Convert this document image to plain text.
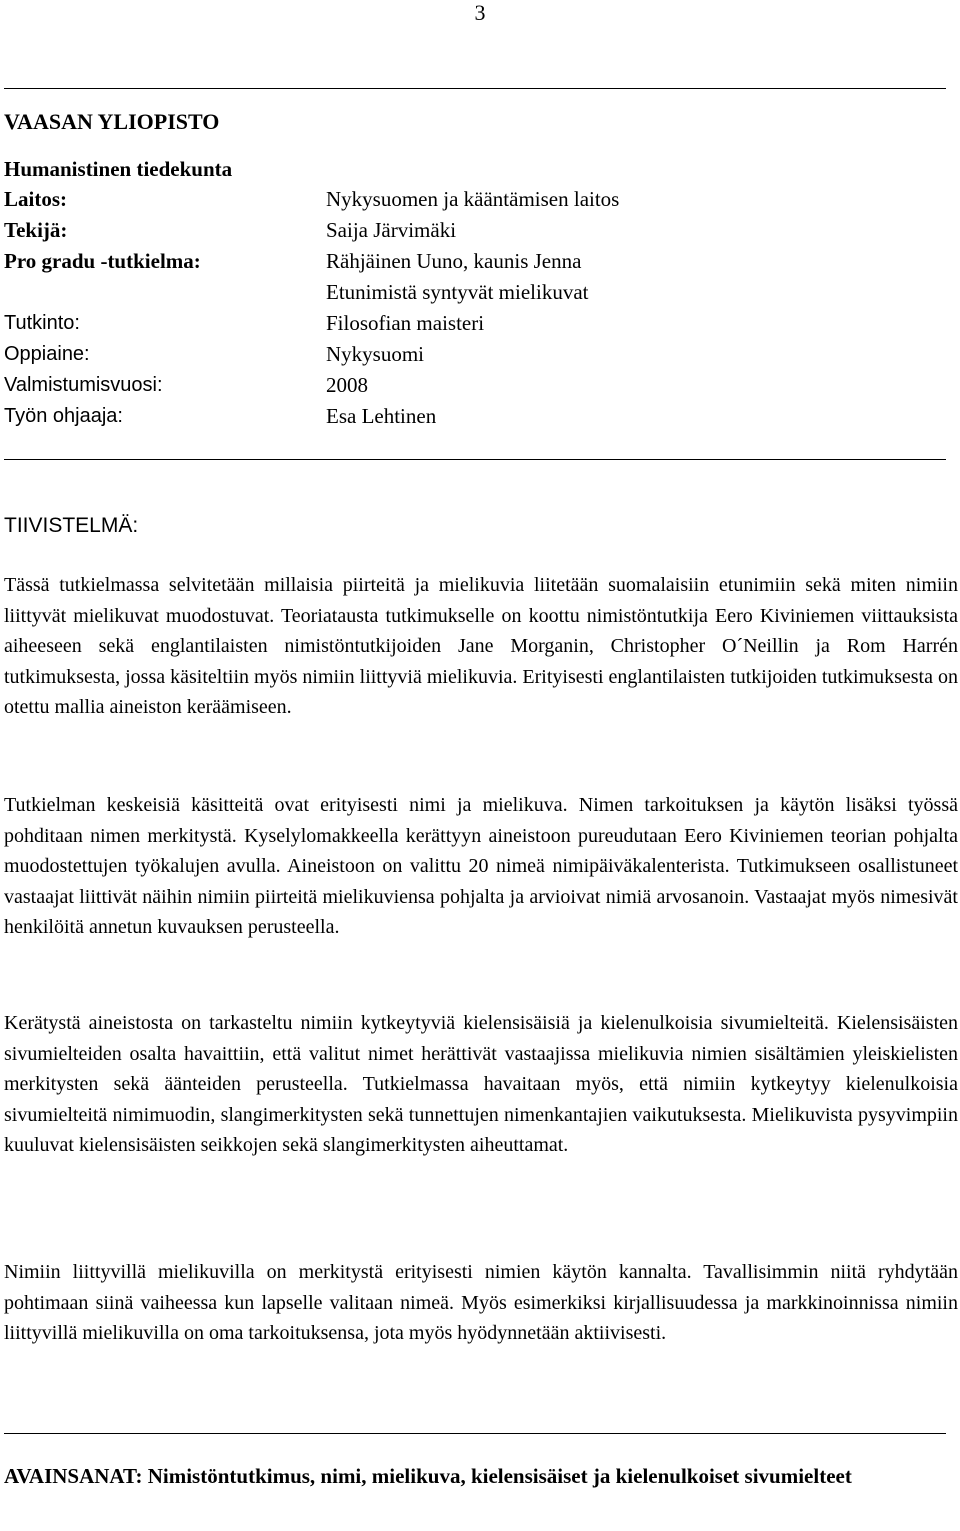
3
VAASAN YLIOPISTO
Humanistinen tiedekunta
Laitos:	Nykysuomen ja kääntämisen laitos
Tekijä:	Saija Järvimäki
Pro gradu -tutkielma:	Rähjäinen Uuno, kaunis Jenna
Etunimistä syntyvät mielikuvat
Tutkinto:	Filosofian maisteri
Oppiaine:	Nykysuomi
Valmistumisvuosi:	2008
Työn ohjaaja:	Esa Lehtinen
TIIVISTELMÄ:

Tässä tutkielmassa selvitetään millaisia piirteitä ja mielikuvia liitetään suomalaisiin etunimiin sekä miten nimiin liittyvät mielikuvat muodostuvat. Teoriatausta tutkimukselle on koottu nimistöntutkija Eero Kiviniemen viittauksista aiheeseen sekä englantilaisten nimistöntutkijoiden Jane Morganin, Christopher O´Neillin ja Rom Harrén tutkimuksesta, jossa käsiteltiin myös nimiin liittyviä mielikuvia. Erityisesti englantilaisten tutkijoiden tutkimuksesta on otettu mallia aineiston keräämiseen.

Tutkielman keskeisiä käsitteitä ovat erityisesti nimi ja mielikuva. Nimen tarkoituksen ja käytön lisäksi työssä pohditaan nimen merkitystä. Kyselylomakkeella kerättyyn aineistoon pureudutaan Eero Kiviniemen teorian pohjalta muodostettujen työkalujen avulla. Aineistoon on valittu 20 nimeä nimipäiväkalenterista. Tutkimukseen osallistuneet vastaajat liittivät näihin nimiin piirteitä mielikuviensa pohjalta ja arvioivat nimiä arvosanoin. Vastaajat myös nimesivät henkilöitä annetun kuvauksen perusteella.

Kerätystä aineistosta on tarkasteltu nimiin kytkeytyviä kielensisäisiä ja kielenulkoisia sivumielteitä. Kielensisäisten sivumielteiden osalta havaittiin, että valitut nimet herättivät vastaajissa mielikuvia nimien sisältämien yleiskielisten merkitysten sekä äänteiden perusteella. Tutkielmassa havaitaan myös, että nimiin kytkeytyy kielenulkoisia sivumielteitä nimimuodin, slangimerkitysten sekä tunnettujen nimenkantajien vaikutuksesta. Mielikuvista pysyvimpiin kuuluvat kielensisäisten seikkojen sekä slangimerkitysten aiheuttamat.

Nimiin liittyvillä mielikuvilla on merkitystä erityisesti nimien käytön kannalta. Tavallisimmin niitä ryhdytään pohtimaan siinä vaiheessa kun lapselle valitaan nimeä. Myös esimerkiksi kirjallisuudessa ja markkinoinnissa nimiin liittyvillä mielikuvilla on oma tarkoituksensa, jota myös hyödynnetään aktiivisesti.

AVAINSANAT: Nimistöntutkimus, nimi, mielikuva, kielensisäiset ja kielenulkoiset sivumielteet
